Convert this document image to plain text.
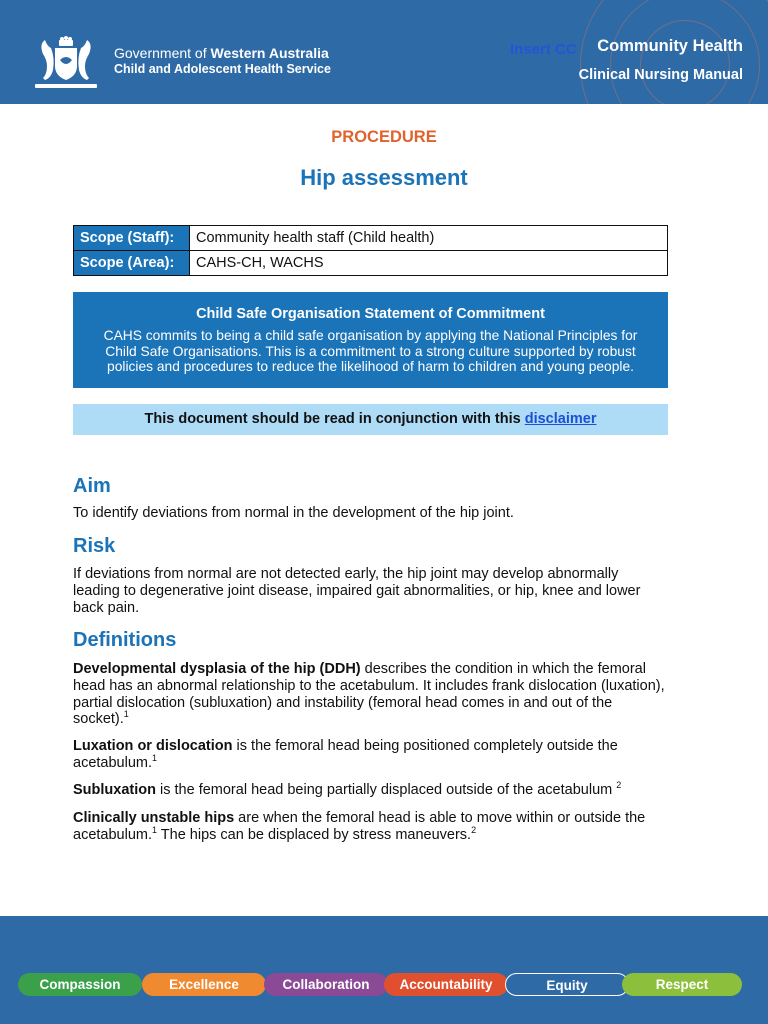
Government of Western Australia
Child and Adolescent Health Service
Insert CC Community Health
Clinical Nursing Manual
PROCEDURE
Hip assessment
Scope (Staff):	Community health staff (Child health)
Scope (Area):	CAHS-CH, WACHS
Child Safe Organisation Statement of Commitment
CAHS commits to being a child safe organisation by applying the National Principles for Child Safe Organisations. This is a commitment to a strong culture supported by robust policies and procedures to reduce the likelihood of harm to children and young people.
This document should be read in conjunction with this disclaimer
Aim
To identify deviations from normal in the development of the hip joint.
Risk
If deviations from normal are not detected early, the hip joint may develop abnormally leading to degenerative joint disease, impaired gait abnormalities, or hip, knee and lower back pain.
Definitions
Developmental dysplasia of the hip (DDH) describes the condition in which the femoral head has an abnormal relationship to the acetabulum. It includes frank dislocation (luxation), partial dislocation (subluxation) and instability (femoral head comes in and out of the socket).$^1$
Luxation or dislocation is the femoral head being positioned completely outside the acetabulum.$^1$
Subluxation is the femoral head being partially displaced outside of the acetabulum $^2$
Clinically unstable hips are when the femoral head is able to move within or outside the acetabulum.$^1$ The hips can be displaced by stress maneuvers.$^2$
Compassion	Excellence	Collaboration	Accountability	Equity	Respect
